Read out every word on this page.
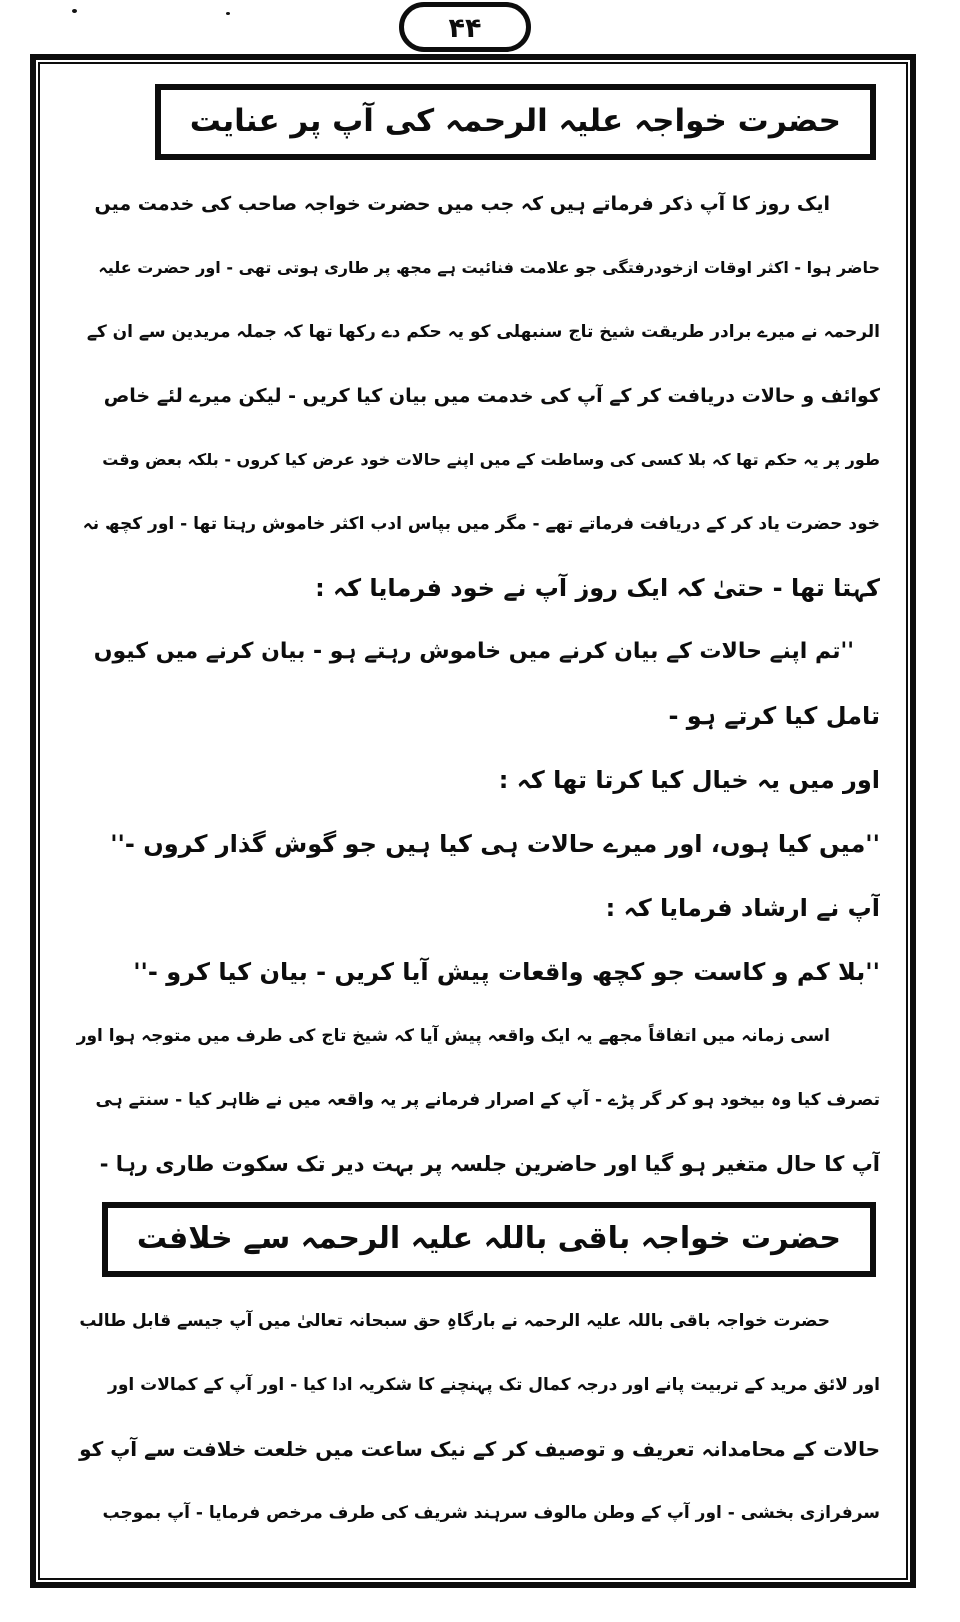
۴۴
حضرت خواجہ علیہ الرحمہ کی آپ پر عنایت
ایک روز کا آپ ذکر فرماتے ہیں کہ جب میں حضرت خواجہ صاحب کی خدمت میں
حاضر ہوا - اکثر اوقات ازخودرفتگی جو علامت فنائیت ہے مجھ پر طاری ہوتی تھی - اور حضرت علیہ
الرحمہ نے میرے برادر طریقت شیخ تاج سنبھلی کو یہ حکم دے رکھا تھا کہ جملہ مریدین سے ان کے
کوائف و حالات دریافت کر کے آپ کی خدمت میں بیان کیا کریں - لیکن میرے لئے خاص
طور پر یہ حکم تھا کہ بلا کسی کی وساطت کے میں اپنے حالات خود عرض کیا کروں - بلکہ بعض وقت
خود حضرت یاد کر کے دریافت فرماتے تھے - مگر میں بپاس ادب اکثر خاموش رہتا تھا - اور کچھ نہ
کہتا تھا - حتیٰ کہ ایک روز آپ نے خود فرمایا کہ :
''تم اپنے حالات کے بیان کرنے میں خاموش رہتے ہو - بیان کرنے میں کیوں
تامل کیا کرتے ہو -
اور میں یہ خیال کیا کرتا تھا کہ :
''میں کیا ہوں، اور میرے حالات ہی کیا ہیں جو گوش گذار کروں -''
آپ نے ارشاد فرمایا کہ :
''بلا کم و کاست جو کچھ واقعات پیش آیا کریں - بیان کیا کرو -''
اسی زمانہ میں اتفاقاً مجھے یہ ایک واقعہ پیش آیا کہ شیخ تاج کی طرف میں متوجہ ہوا اور
تصرف کیا وہ بیخود ہو کر گر پڑے - آپ کے اصرار فرمانے پر یہ واقعہ میں نے ظاہر کیا - سنتے ہی
آپ کا حال متغیر ہو گیا اور حاضرین جلسہ پر بہت دیر تک سکوت طاری رہا -
حضرت خواجہ باقی باللہ علیہ الرحمہ سے خلافت
حضرت خواجہ باقی باللہ علیہ الرحمہ نے بارگاہِ حق سبحانہ تعالیٰ میں آپ جیسے قابل طالب
اور لائق مرید کے تربیت پانے اور درجہ کمال تک پہنچنے کا شکریہ ادا کیا - اور آپ کے کمالات اور
حالات کے محامدانہ تعریف و توصیف کر کے نیک ساعت میں خلعت خلافت سے آپ کو
سرفرازی بخشی - اور آپ کے وطن مالوف سرہند شریف کی طرف مرخص فرمایا - آپ بموجب
